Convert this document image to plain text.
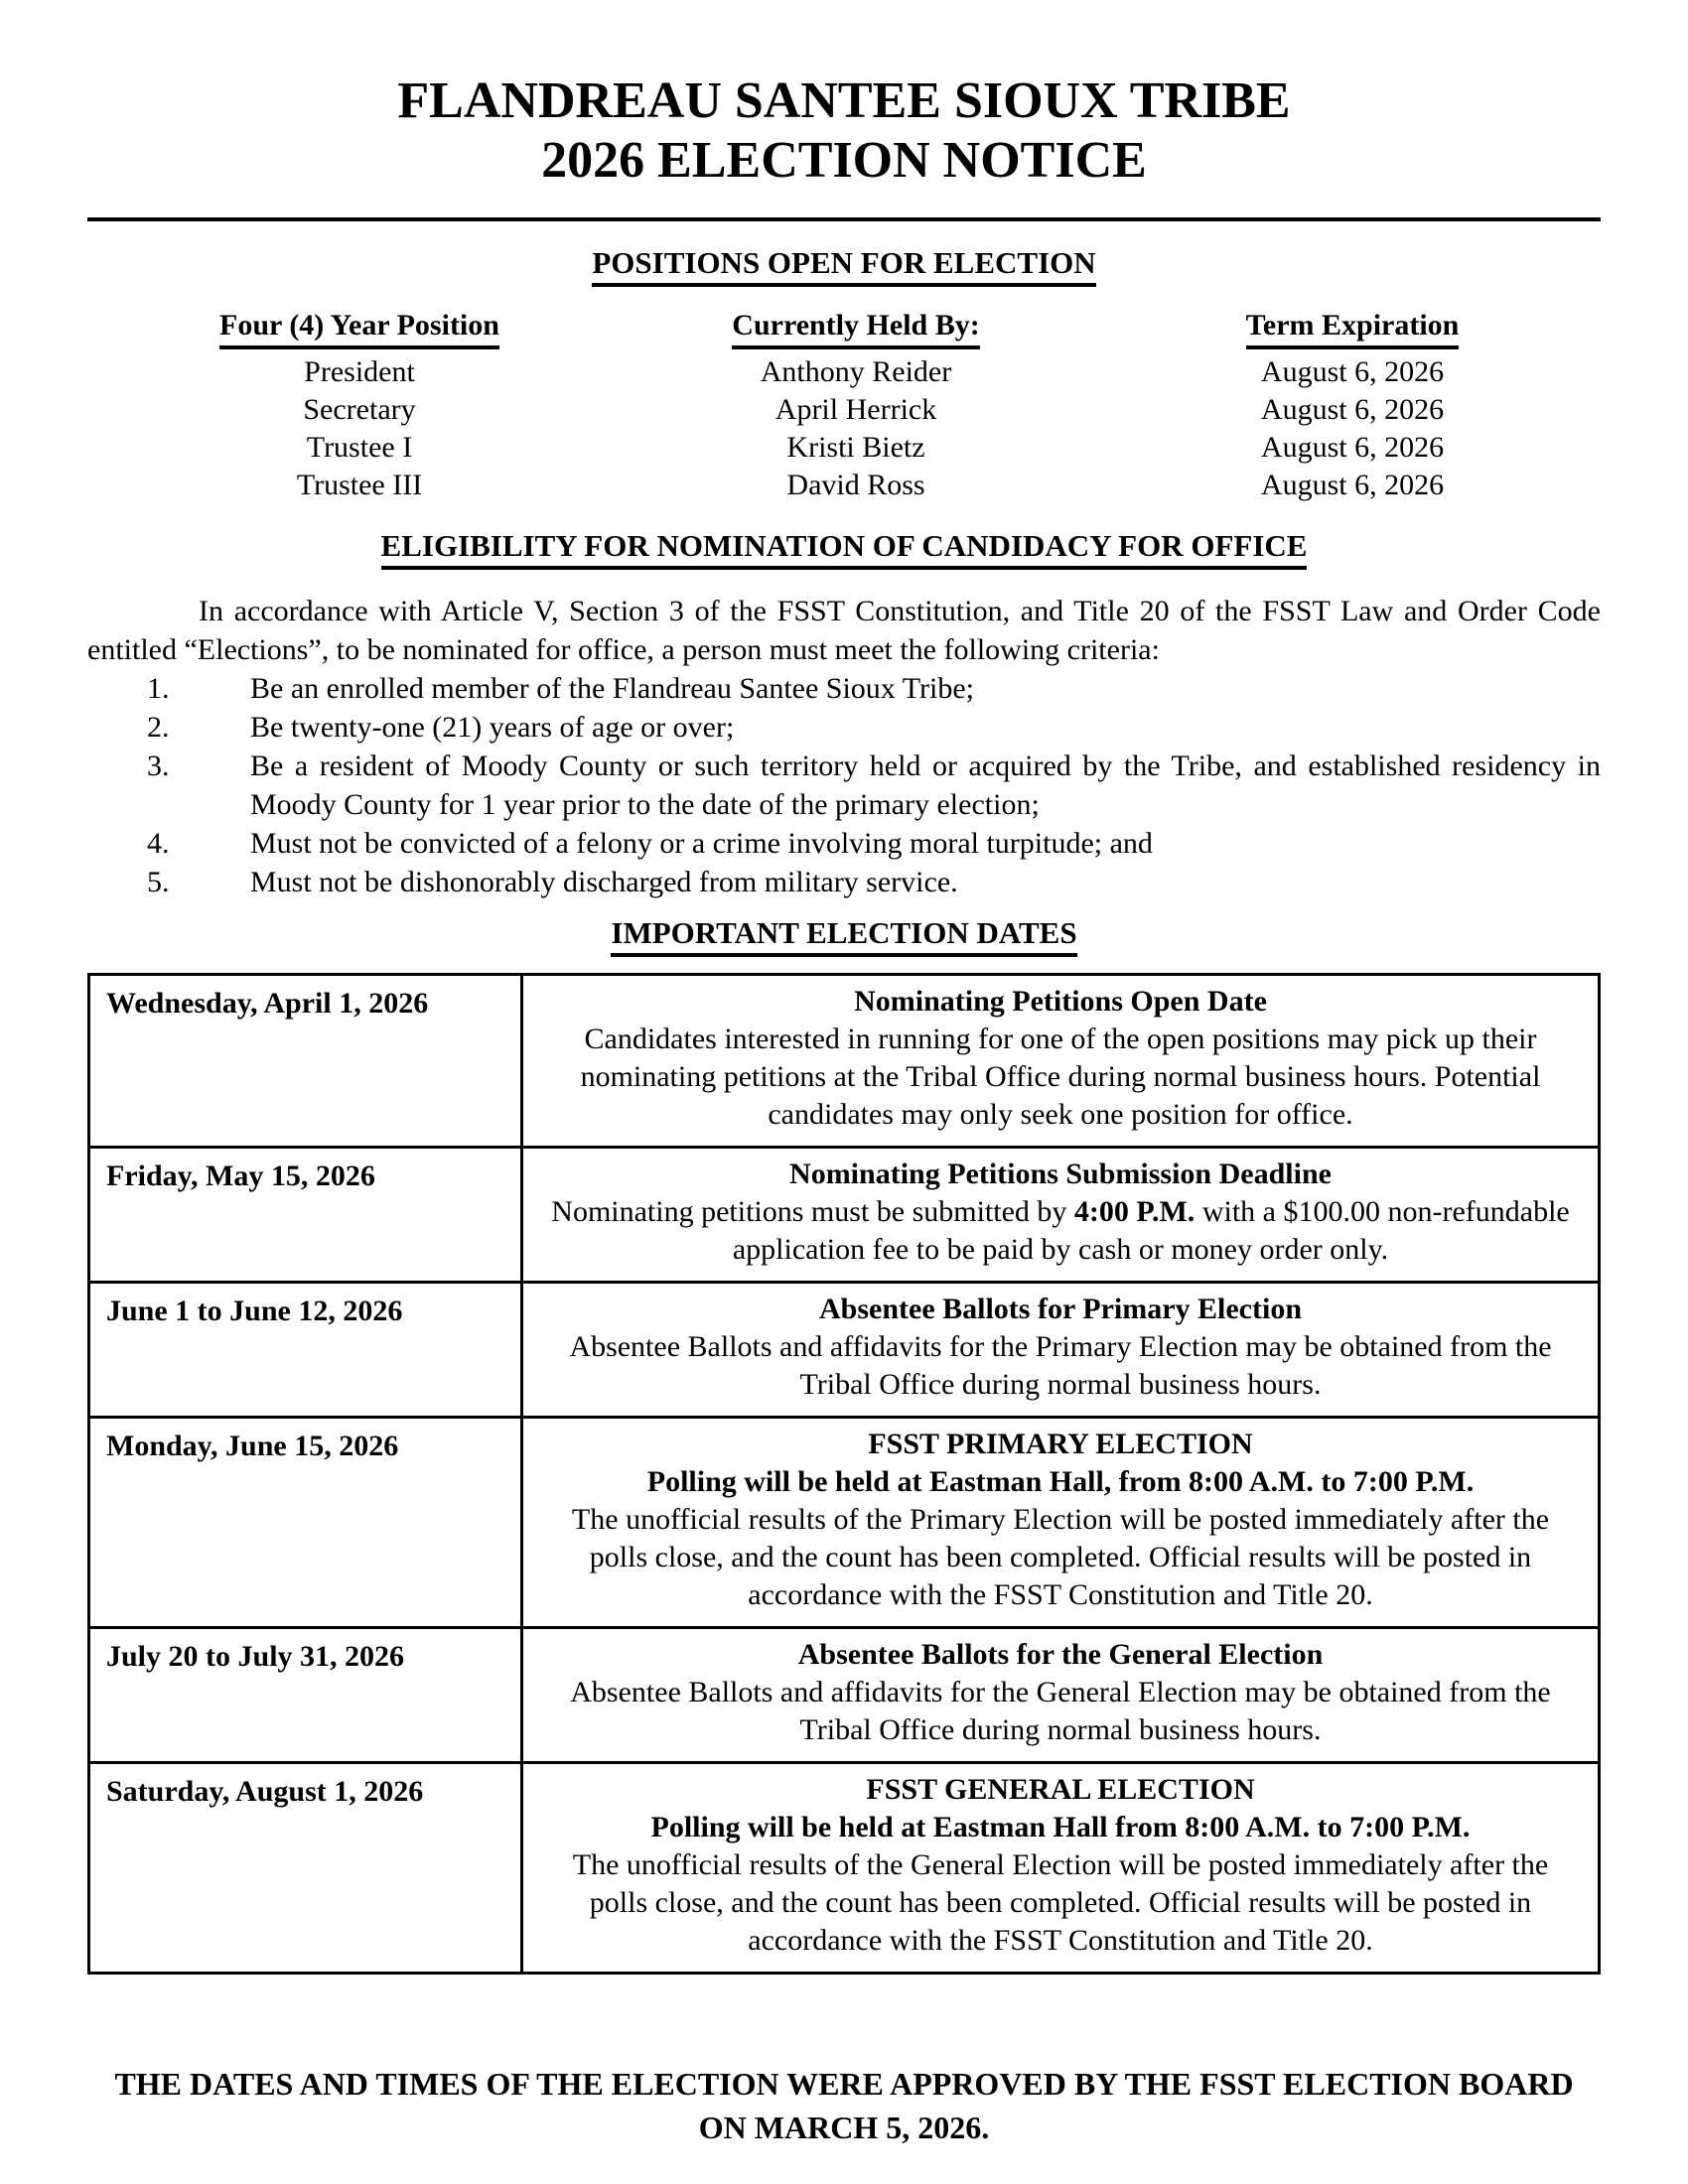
FLANDREAU SANTEE SIOUX TRIBE
2026 ELECTION NOTICE
POSITIONS OPEN FOR ELECTION
Four (4) Year Position	Currently Held By:	Term Expiration
President	Anthony Reider	August 6, 2026
Secretary	April Herrick	August 6, 2026
Trustee I	Kristi Bietz	August 6, 2026
Trustee III	David Ross	August 6, 2026
ELIGIBILITY FOR NOMINATION OF CANDIDACY FOR OFFICE

In accordance with Article V, Section 3 of the FSST Constitution, and Title 20 of the FSST Law and Order Code entitled “Elections”, to be nominated for office, a person must meet the following criteria:

1.	Be an enrolled member of the Flandreau Santee Sioux Tribe;
2.	Be twenty-one (21) years of age or over;
3.	Be a resident of Moody County or such territory held or acquired by the Tribe, and established residency in Moody County for 1 year prior to the date of the primary election;
4.	Must not be convicted of a felony or a crime involving moral turpitude; and
5.	Must not be dishonorably discharged from military service.
IMPORTANT ELECTION DATES
Wednesday, April 1, 2026	Nominating Petitions Open Date
Candidates interested in running for one of the open positions may pick up their nominating petitions at the Tribal Office during normal business hours. Potential candidates may only seek one position for office.

Friday, May 15, 2026	Nominating Petitions Submission Deadline
Nominating petitions must be submitted by 4:00 P.M. with a $100.00 non-refundable application fee to be paid by cash or money order only.

June 1 to June 12, 2026	Absentee Ballots for Primary Election
Absentee Ballots and affidavits for the Primary Election may be obtained from the Tribal Office during normal business hours.

Monday, June 15, 2026	FSST PRIMARY ELECTION
Polling will be held at Eastman Hall, from 8:00 A.M. to 7:00 P.M.
The unofficial results of the Primary Election will be posted immediately after the polls close, and the count has been completed. Official results will be posted in accordance with the FSST Constitution and Title 20.

July 20 to July 31, 2026	Absentee Ballots for the General Election
Absentee Ballots and affidavits for the General Election may be obtained from the Tribal Office during normal business hours.

Saturday, August 1, 2026	FSST GENERAL ELECTION
Polling will be held at Eastman Hall from 8:00 A.M. to 7:00 P.M.
The unofficial results of the General Election will be posted immediately after the polls close, and the count has been completed. Official results will be posted in accordance with the FSST Constitution and Title 20.
THE DATES AND TIMES OF THE ELECTION WERE APPROVED BY THE FSST ELECTION BOARD ON MARCH 5, 2026.
